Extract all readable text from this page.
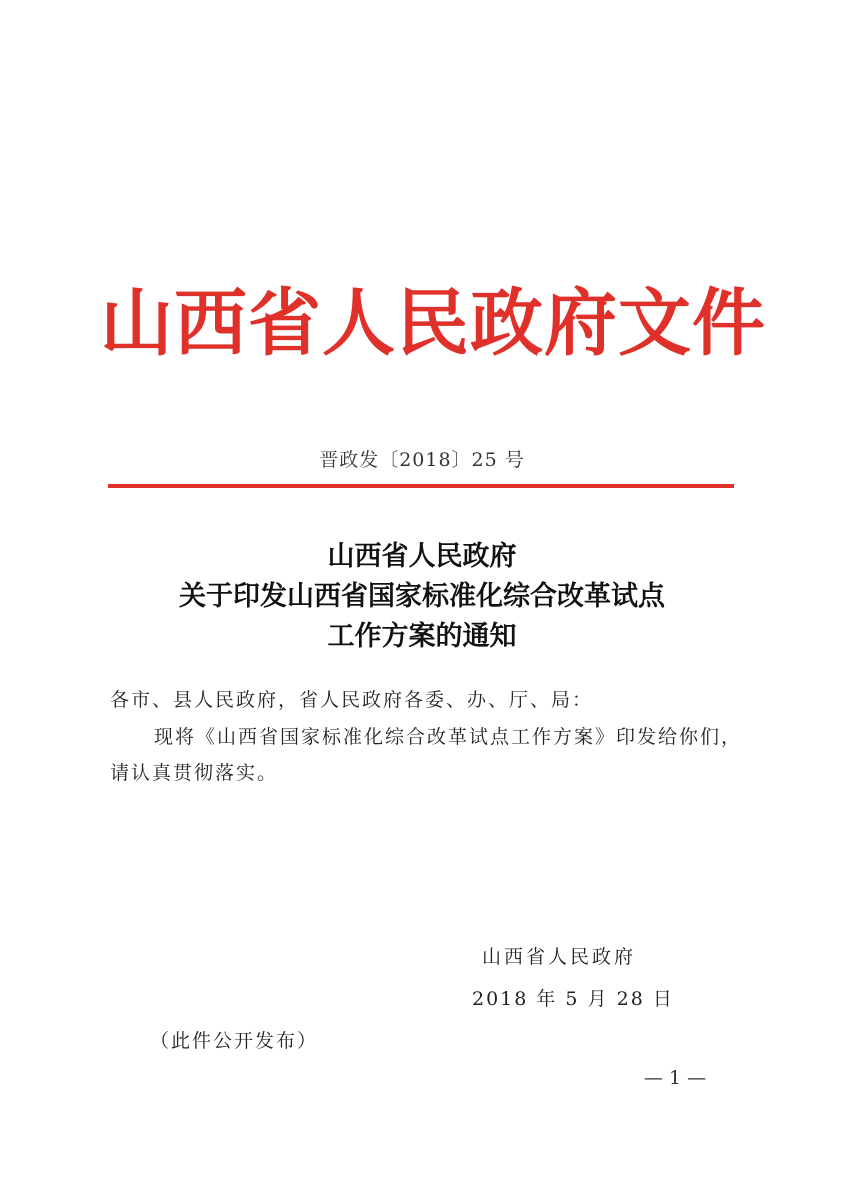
山西省人民政府文件
晋政发〔2018〕25 号
山西省人民政府
关于印发山西省国家标准化综合改革试点
工作方案的通知
各市、县人民政府，省人民政府各委、办、厅、局：
现将《山西省国家标准化综合改革试点工作方案》印发给你们，请认真贯彻落实。
山西省人民政府
2018 年 5 月 28 日
（此件公开发布）
— 1 —
